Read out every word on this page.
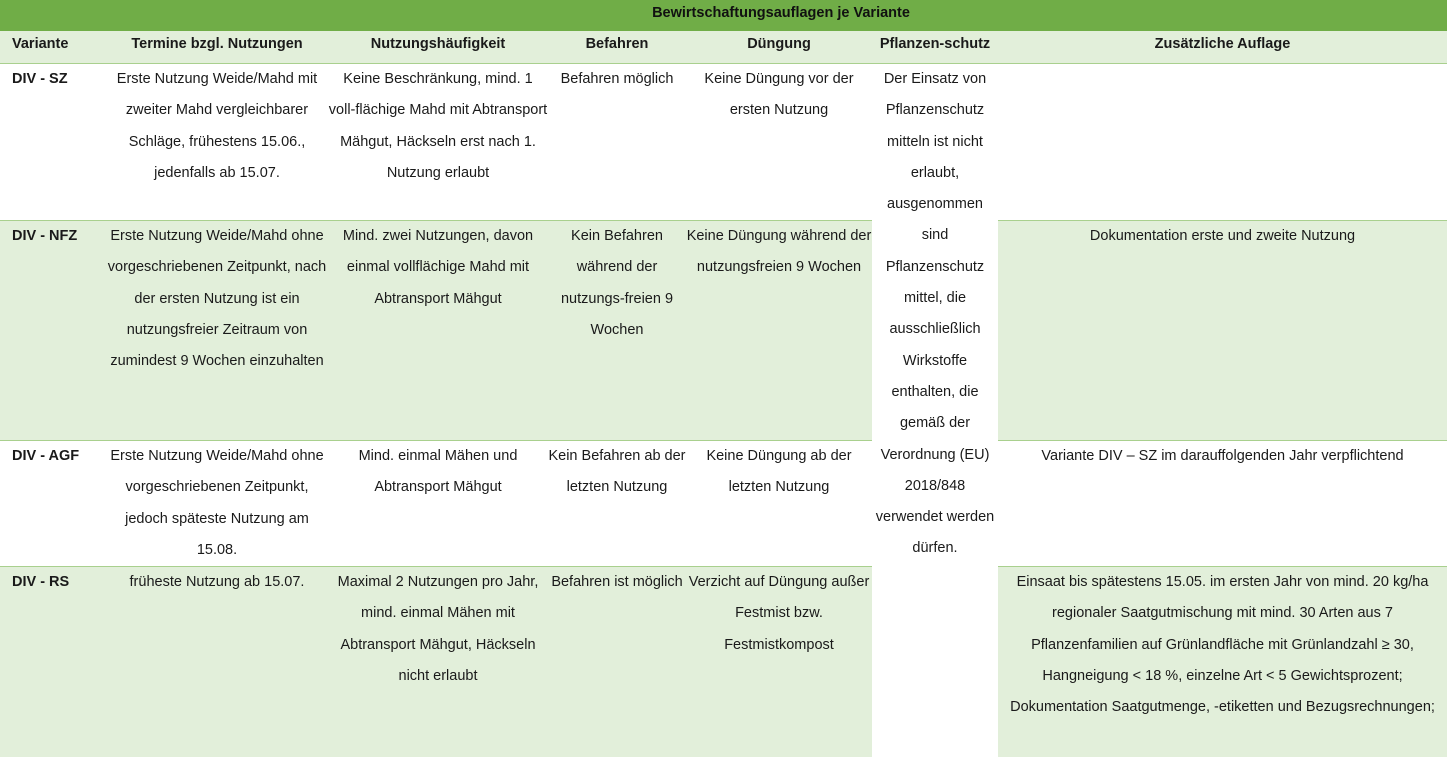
Bewirtschaftungsauflagen je Variante
Variante	Termine bzgl. Nutzungen	Nutzungshäufigkeit	Befahren	Düngung	Pflanzen-schutz	Zusätzliche Auflage
DIV - SZ	Erste Nutzung Weide/Mahd mit zweiter Mahd vergleichbarer Schläge, frühestens 15.06., jedenfalls ab 15.07.	Keine Beschränkung, mind. 1 voll-flächige Mahd mit Abtransport Mähgut, Häckseln erst nach 1. Nutzung erlaubt	Befahren möglich	Keine Düngung vor der ersten Nutzung	Der Einsatz von Pflanzenschutz mitteln ist nicht erlaubt, ausgenommen sind Pflanzenschutz mittel, die ausschließlich Wirkstoffe enthalten, die gemäß der Verordnung (EU) 2018/848 verwendet werden dürfen.	
DIV - NFZ	Erste Nutzung Weide/Mahd ohne vorgeschriebenen Zeitpunkt, nach der ersten Nutzung ist ein nutzungsfreier Zeitraum von zumindest 9 Wochen einzuhalten	Mind. zwei Nutzungen, davon einmal vollflächige Mahd mit Abtransport Mähgut	Kein Befahren während der nutzungs-freien 9 Wochen	Keine Düngung während der nutzungsfreien 9 Wochen		Dokumentation erste und zweite Nutzung
DIV - AGF	Erste Nutzung Weide/Mahd ohne vorgeschriebenen Zeitpunkt, jedoch späteste Nutzung am 15.08.	Mind. einmal Mähen und Abtransport Mähgut	Kein Befahren ab der letzten Nutzung	Keine Düngung ab der letzten Nutzung		Variante DIV – SZ im darauffolgenden Jahr verpflichtend
DIV - RS	früheste Nutzung ab 15.07.	Maximal 2 Nutzungen pro Jahr, mind. einmal Mähen mit Abtransport Mähgut, Häckseln nicht erlaubt	Befahren ist möglich	Verzicht auf Düngung außer Festmist bzw. Festmistkompost		Einsaat bis spätestens 15.05. im ersten Jahr von mind. 20 kg/ha regionaler Saatgutmischung mit mind. 30 Arten aus 7 Pflanzenfamilien auf Grünlandfläche mit Grünlandzahl ≥ 30, Hangneigung < 18 %, einzelne Art < 5 Gewichtsprozent; Dokumentation Saatgutmenge, -etiketten und Bezugsrechnungen;
